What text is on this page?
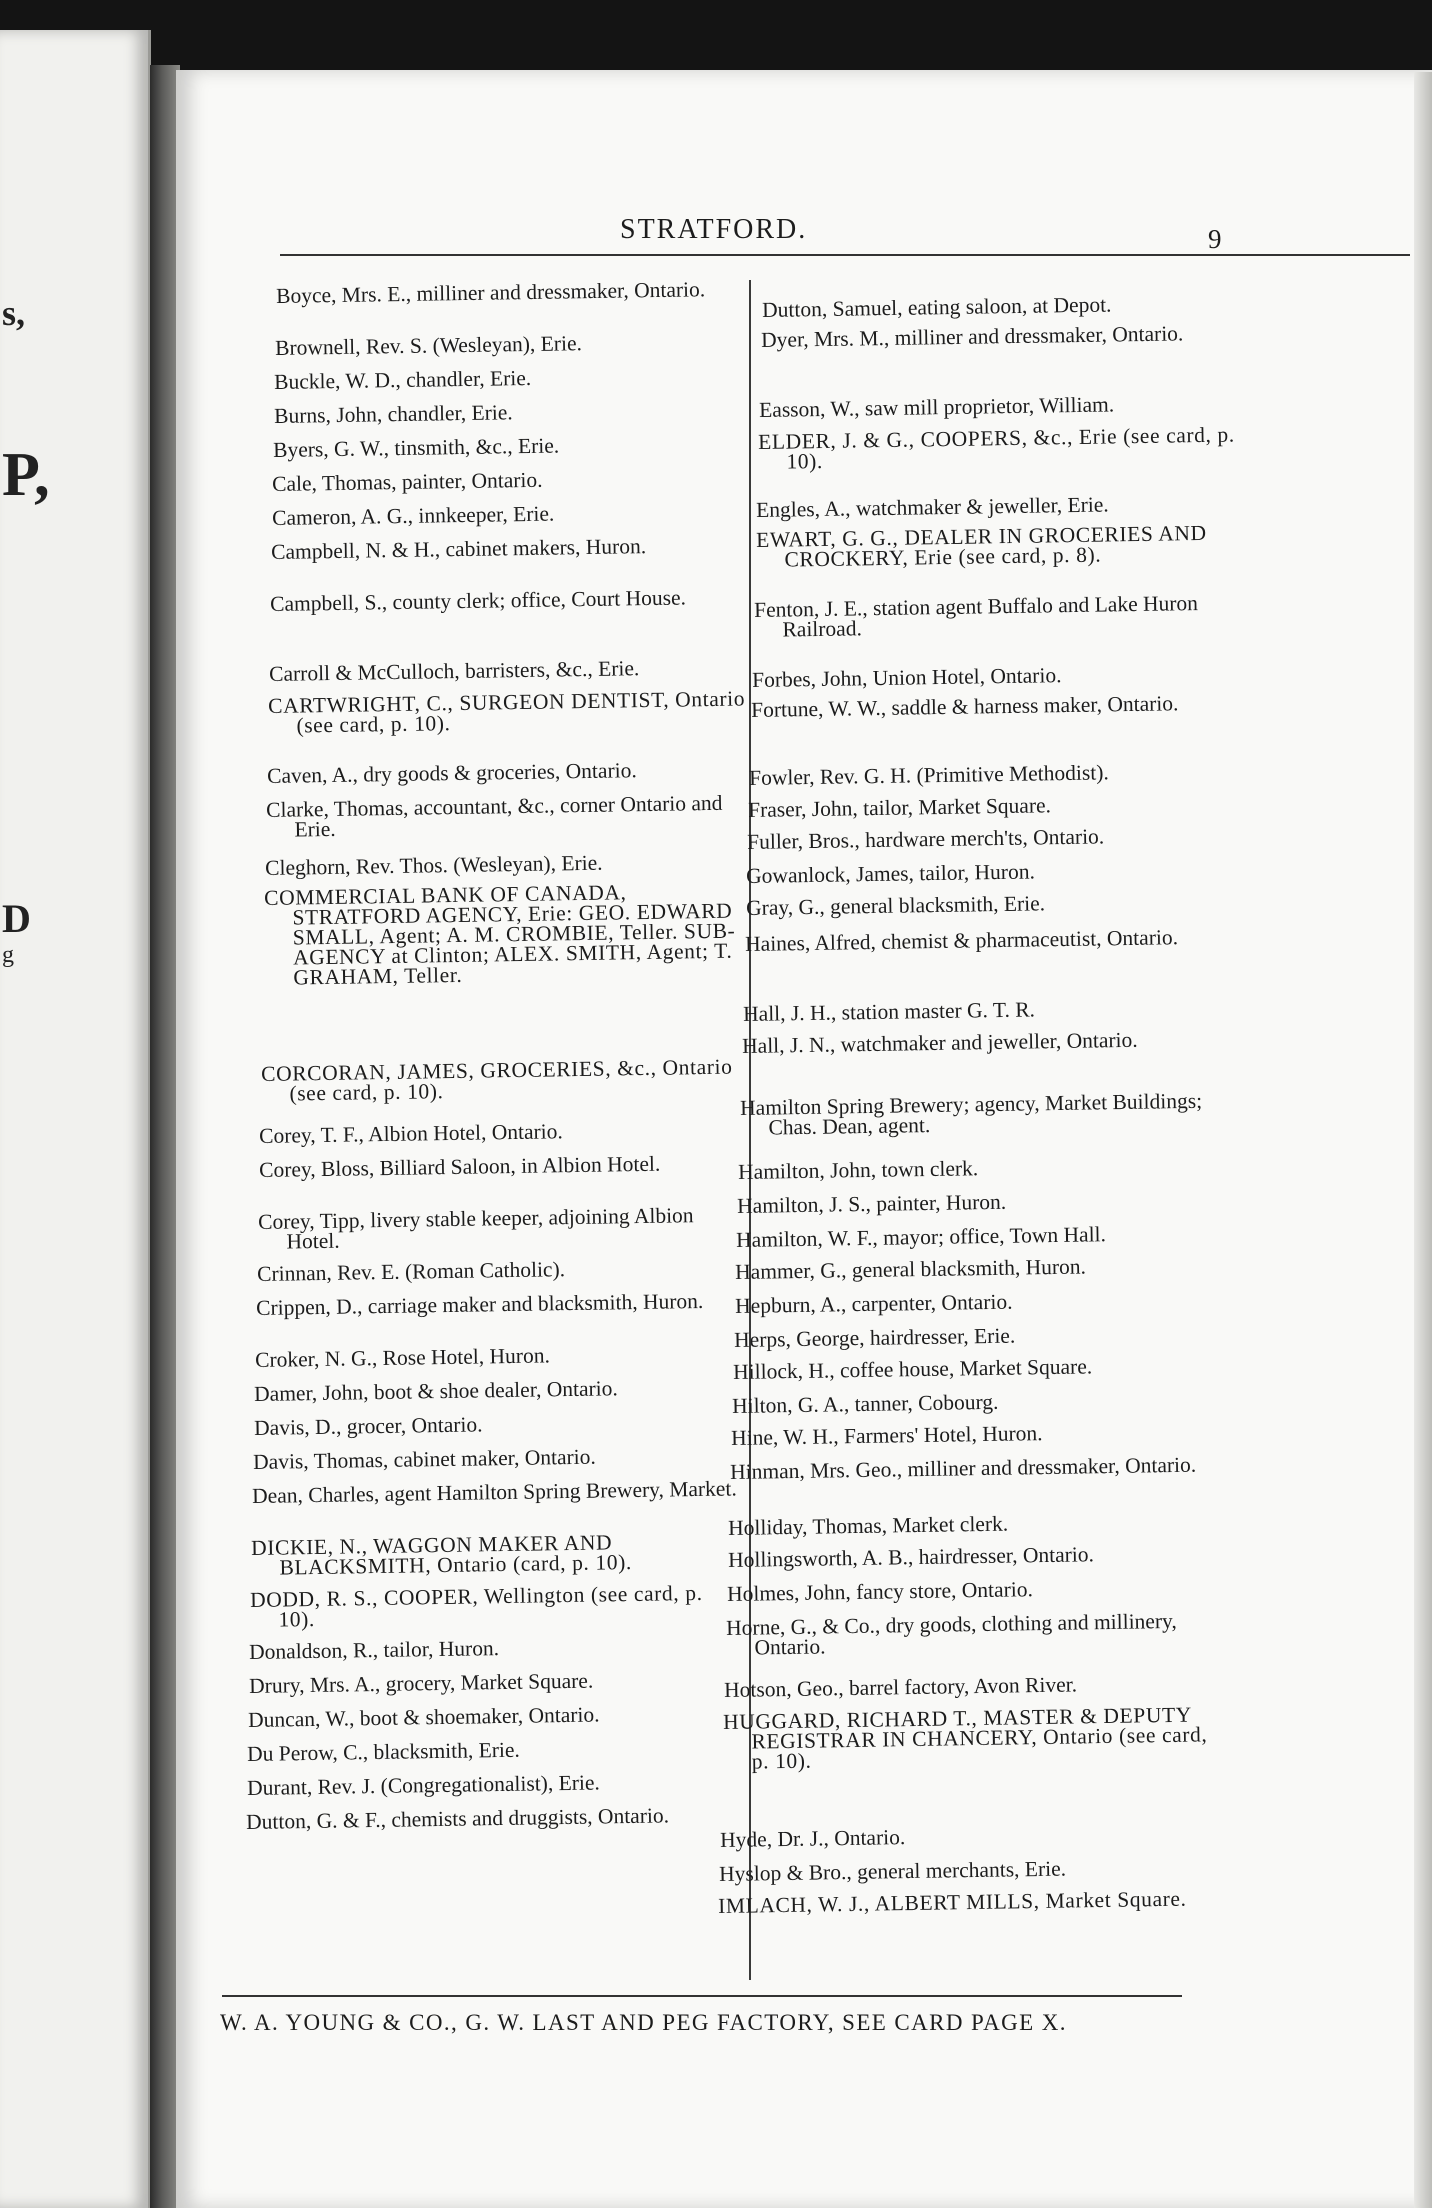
s,
P,
D
g
STRATFORD.	9

Boyce, Mrs. E., milliner and dressmaker, Ontario.

Brownell, Rev. S. (Wesleyan), Erie.

Buckle, W. D., chandler, Erie.

Burns, John, chandler, Erie.

Byers, G. W., tinsmith, &c., Erie.

Cale, Thomas, painter, Ontario.

Cameron, A. G., innkeeper, Erie.

Campbell, N. & H., cabinet makers, Huron.

Campbell, S., county clerk; office, Court House.

Carroll & McCulloch, barristers, &c., Erie.

CARTWRIGHT, C., SURGEON DENTIST, Ontario (see card, p. 10).

Caven, A., dry goods & groceries, Ontario.

Clarke, Thomas, accountant, &c., corner Ontario and Erie.

Cleghorn, Rev. Thos. (Wesleyan), Erie.

COMMERCIAL BANK OF CANADA, STRATFORD AGENCY, Erie: GEO. EDWARD SMALL, Agent; A. M. CROMBIE, Teller. SUB-AGENCY at Clinton; ALEX. SMITH, Agent; T. GRAHAM, Teller.

CORCORAN, JAMES, GROCERIES, &c., Ontario (see card, p. 10).

Corey, T. F., Albion Hotel, Ontario.

Corey, Bloss, Billiard Saloon, in Albion Hotel.

Corey, Tipp, livery stable keeper, adjoining Albion Hotel.

Crinnan, Rev. E. (Roman Catholic).

Crippen, D., carriage maker and blacksmith, Huron.

Croker, N. G., Rose Hotel, Huron.

Damer, John, boot & shoe dealer, Ontario.

Davis, D., grocer, Ontario.

Davis, Thomas, cabinet maker, Ontario.

Dean, Charles, agent Hamilton Spring Brewery, Market.

DICKIE, N., WAGGON MAKER AND BLACKSMITH, Ontario (card, p. 10).

DODD, R. S., COOPER, Wellington (see card, p. 10).

Donaldson, R., tailor, Huron.

Drury, Mrs. A., grocery, Market Square.

Duncan, W., boot & shoemaker, Ontario.

Du Perow, C., blacksmith, Erie.

Durant, Rev. J. (Congregationalist), Erie.

Dutton, G. & F., chemists and druggists, Ontario.

Dutton, Samuel, eating saloon, at Depot.

Dyer, Mrs. M., milliner and dressmaker, Ontario.

Easson, W., saw mill proprietor, William.

ELDER, J. & G., COOPERS, &c., Erie (see card, p. 10).

Engles, A., watchmaker & jeweller, Erie.

EWART, G. G., DEALER IN GROCERIES AND CROCKERY, Erie (see card, p. 8).

Fenton, J. E., station agent Buffalo and Lake Huron Railroad.

Forbes, John, Union Hotel, Ontario.

Fortune, W. W., saddle & harness maker, Ontario.

Fowler, Rev. G. H. (Primitive Methodist).

Fraser, John, tailor, Market Square.

Fuller, Bros., hardware merch'ts, Ontario.

Gowanlock, James, tailor, Huron.

Gray, G., general blacksmith, Erie.

Haines, Alfred, chemist & pharmaceutist, Ontario.

Hall, J. H., station master G. T. R.

Hall, J. N., watchmaker and jeweller, Ontario.

Hamilton Spring Brewery; agency, Market Buildings; Chas. Dean, agent.

Hamilton, John, town clerk.

Hamilton, J. S., painter, Huron.

Hamilton, W. F., mayor; office, Town Hall.

Hammer, G., general blacksmith, Huron.

Hepburn, A., carpenter, Ontario.

Herps, George, hairdresser, Erie.

Hillock, H., coffee house, Market Square.

Hilton, G. A., tanner, Cobourg.

Hine, W. H., Farmers' Hotel, Huron.

Hinman, Mrs. Geo., milliner and dressmaker, Ontario.

Holliday, Thomas, Market clerk.

Hollingsworth, A. B., hairdresser, Ontario.

Holmes, John, fancy store, Ontario.

Horne, G., & Co., dry goods, clothing and millinery, Ontario.

Hotson, Geo., barrel factory, Avon River.

HUGGARD, RICHARD T., MASTER & DEPUTY REGISTRAR IN CHANCERY, Ontario (see card, p. 10).

Hyde, Dr. J., Ontario.

Hyslop & Bro., general merchants, Erie.

IMLACH, W. J., ALBERT MILLS, Market Square.

W. A. YOUNG & CO., G. W. LAST AND PEG FACTORY, SEE CARD PAGE X.
